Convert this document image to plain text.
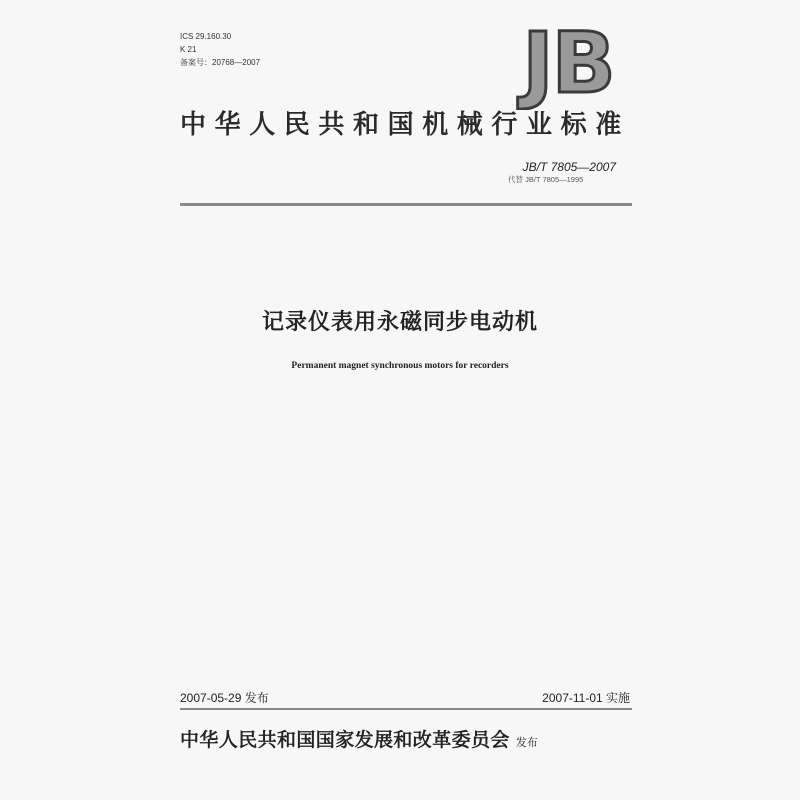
ICS 29.160.30
K 21
备案号：20768—2007	JB
中华人民共和国机械行业标准
JB/T 7805—2007
代替 JB/T 7805—1995
记录仪表用永磁同步电动机
Permanent magnet synchronous motors for recorders
2007-05-29 发布	2007-11-01 实施
中华人民共和国国家发展和改革委员会 发布
